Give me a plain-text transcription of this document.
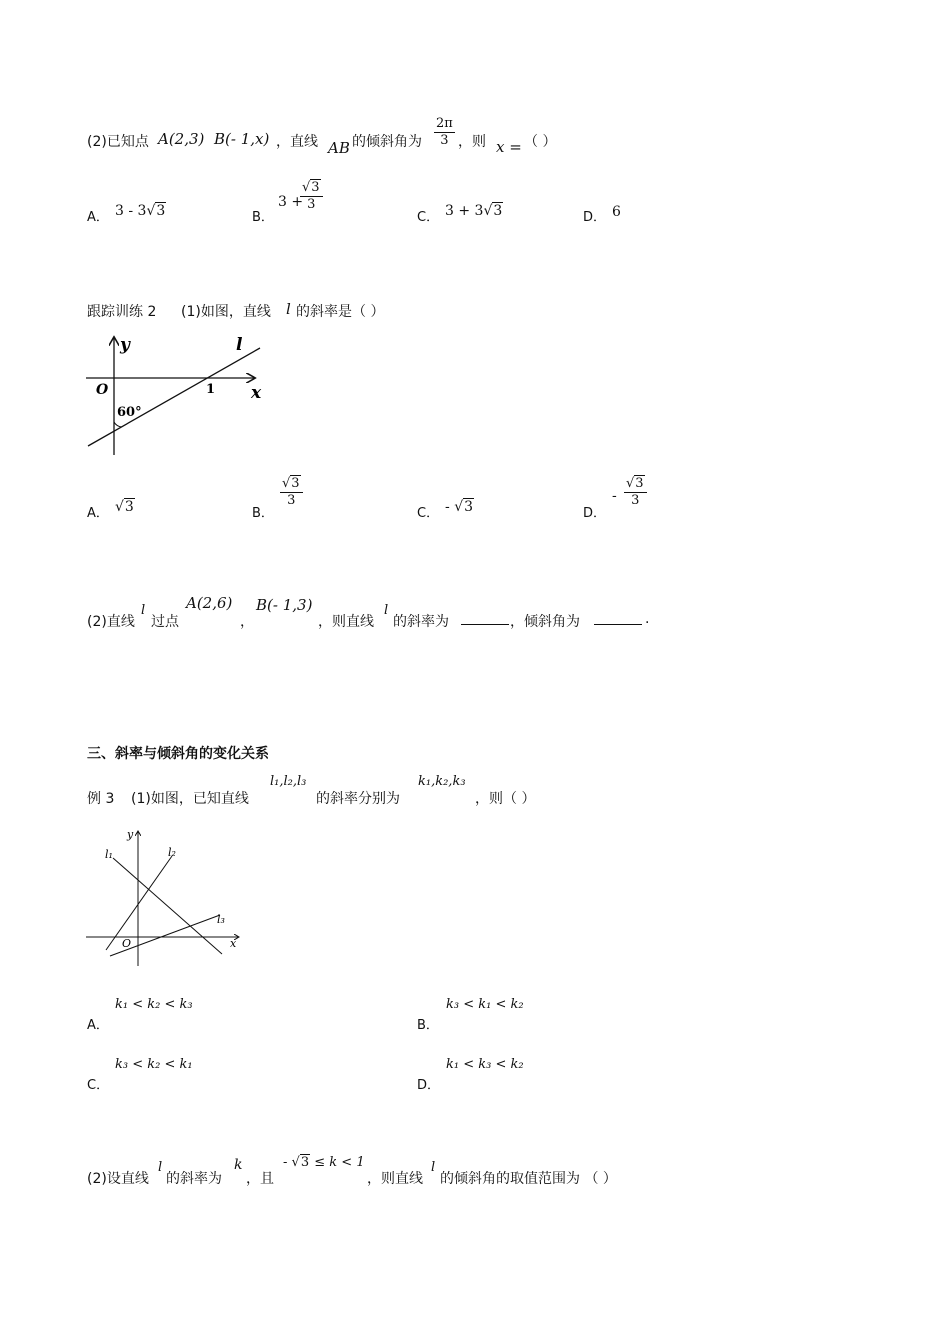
(2)已知点 A(2,3) B(- 1,x) ，直线 AB 的倾斜角为 $\frac{2\pi}{3}$ ，则 x = （ ）
A． 3 - 3√3	B．
3 +
$\frac{√3}{3}$
C． 3 + 3√3	D． 6
跟踪训练 2 (1)如图，直线 l 的斜率是（ ）
y	l
O	1 x
60°
A． √3	B．
$\frac{√3}{3}$
C． - √3	D．
- $\frac{√3}{3}$
(2)直线
l
过点
A(2,6)
，
B(- 1,3)
，则直线
l
的斜率为	，倾斜角为	.
三、斜率与倾斜角的变化关系
例 3 (1)如图，已知直线
l₁,l₂,l₃
的斜率分别为
k₁,k₂,k₃
，则（ ）
y
l₁	l₂
l₃
O	x
A．
k₁ < k₂ < k₃
B．
k₃ < k₁ < k₂
C．
k₃ < k₂ < k₁
D．
k₁ < k₃ < k₂
(2)设直线
l
的斜率为
k
，且
- √3 ≤ k < 1
，则直线
l
的倾斜角的取值范围为 （ ）
